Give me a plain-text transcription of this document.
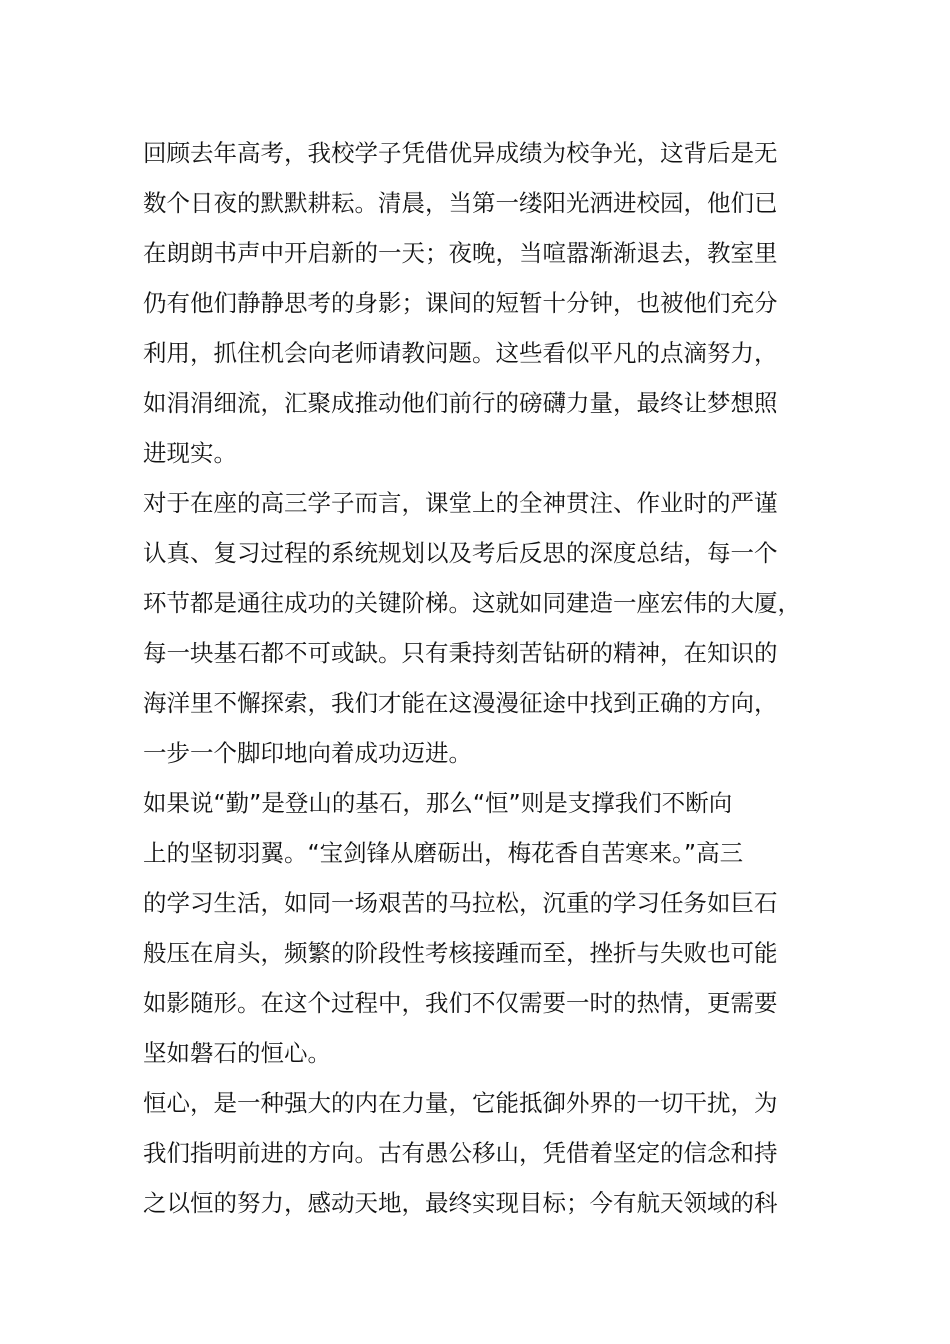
回顾去年高考，我校学子凭借优异成绩为校争光，这背后是无
数个日夜的默默耕耘。清晨，当第一缕阳光洒进校园，他们已
在朗朗书声中开启新的一天；夜晚，当喧嚣渐渐退去，教室里
仍有他们静静思考的身影；课间的短暂十分钟，也被他们充分
利用，抓住机会向老师请教问题。这些看似平凡的点滴努力，
如涓涓细流，汇聚成推动他们前行的磅礴力量，最终让梦想照
进现实。
对于在座的高三学子而言，课堂上的全神贯注、作业时的严谨
认真、复习过程的系统规划以及考后反思的深度总结，每一个
环节都是通往成功的关键阶梯。这就如同建造一座宏伟的大厦，
每一块基石都不可或缺。只有秉持刻苦钻研的精神，在知识的
海洋里不懈探索，我们才能在这漫漫征途中找到正确的方向，
一步一个脚印地向着成功迈进。
如果说“勤”是登山的基石，那么“恒”则是支撑我们不断向
上的坚韧羽翼。“宝剑锋从磨砺出，梅花香自苦寒来。”高三
的学习生活，如同一场艰苦的马拉松，沉重的学习任务如巨石
般压在肩头，频繁的阶段性考核接踵而至，挫折与失败也可能
如影随形。在这个过程中，我们不仅需要一时的热情，更需要
坚如磐石的恒心。
恒心，是一种强大的内在力量，它能抵御外界的一切干扰，为
我们指明前进的方向。古有愚公移山，凭借着坚定的信念和持
之以恒的努力，感动天地，最终实现目标；今有航天领域的科
